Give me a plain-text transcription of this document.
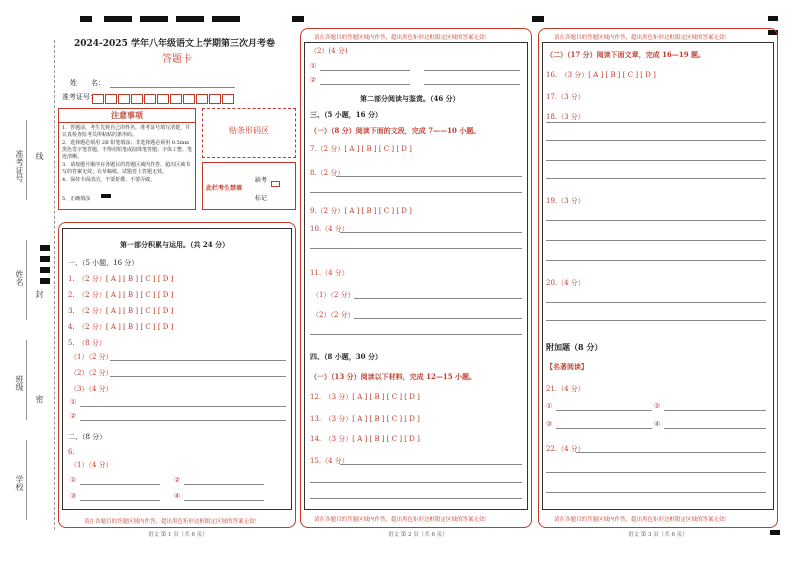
准考证号 线
姓名
封
班级
密
学校
2024-2025 学年八年级语文上学期第三次月考卷
答题卡
姓　　名：
准考证号：
注意事项
1．答题前，考生先将自己的姓名，准考证号填写清楚，并认真检查监考员所粘贴的条形码。
2．选择题必须用 2B 铅笔填涂；非选择题必须用 0.5mm 黑色签字笔答题，不得用铅笔或圆珠笔答题；字体工整、笔迹清晰。
3．请按题号顺序在各题目的答题区域内作答，超出区域书写的答案无效；在草稿纸、试题卷上答题无效。
4．保持卡面清洁，不要折叠、不要弄破。
5．正确填涂
贴条形码区
此栏考生禁填
缺考
标记
第一部分积累与运用。（共 24 分）
一、（5 小题，16 分）
1.　（2 分）[ A ] [ B ] [ C ] [ D ]
2.　（2 分）[ A ] [ B ] [ C ] [ D ]
3.　（2 分）[ A ] [ B ] [ C ] [ D ]
4.　（2 分）[ A ] [ B ] [ C ] [ D ]
5.　（8 分）
（1）（2 分）
（2）（2 分）
（3）（4 分）
①
②
二、（8 分）
6.
（1）（4 分）
①	②
③	④
请在各题目的答题区域内作答，超出黑色矩形边框限定区域的答案无效！
语文 第 1 页（共 6 页）
请在各题目的答题区域内作答，超出黑色矩形边框限定区域的答案无效！
（2）(4 分)
①
②
第二部分阅读与鉴赏。（46 分）
三、（5 小题，16 分）
（一）（8 分）阅读下面的文段，完成 7——10 小题。
7.（2 分）[ A ] [ B ] [ C ] [ D ]
8.（2 分）
9.（2 分）[ A ] [ B ] [ C ] [ D ]
10.（4 分）
11.（4 分）
（1）（2 分）
（2）（2 分）
四、（8 小题，30 分）
（一）（13 分）阅读以下材料，完成 12—15 小题。
12.　（3 分）[ A ] [ B ] [ C ] [ D ]
13.　（3 分）[ A ] [ B ] [ C ] [ D ]
14.　（3 分）[ A ] [ B ] [ C ] [ D ]
15.（4 分）
请在各题目的答题区域内作答，超出黑色矩形边框限定区域的答案无效！
语文 第 2 页（共 6 页）
请在各题目的答题区域内作答，超出黑色矩形边框限定区域的答案无效！
（二）（17 分）阅读下面文章，完成 16—19 题。
16.　（3 分）[ A ] [ B ] [ C ] [ D ]
17.（3 分）
18.（3 分）
19.（3 分）
20.（4 分）
附加题（8 分）
【名著阅读】
21.（4 分）
①	②
③	④
22.（4 分）
请在各题目的答题区域内作答，超出黑色矩形边框限定区域的答案无效！
语文 第 3 页（共 6 页）
